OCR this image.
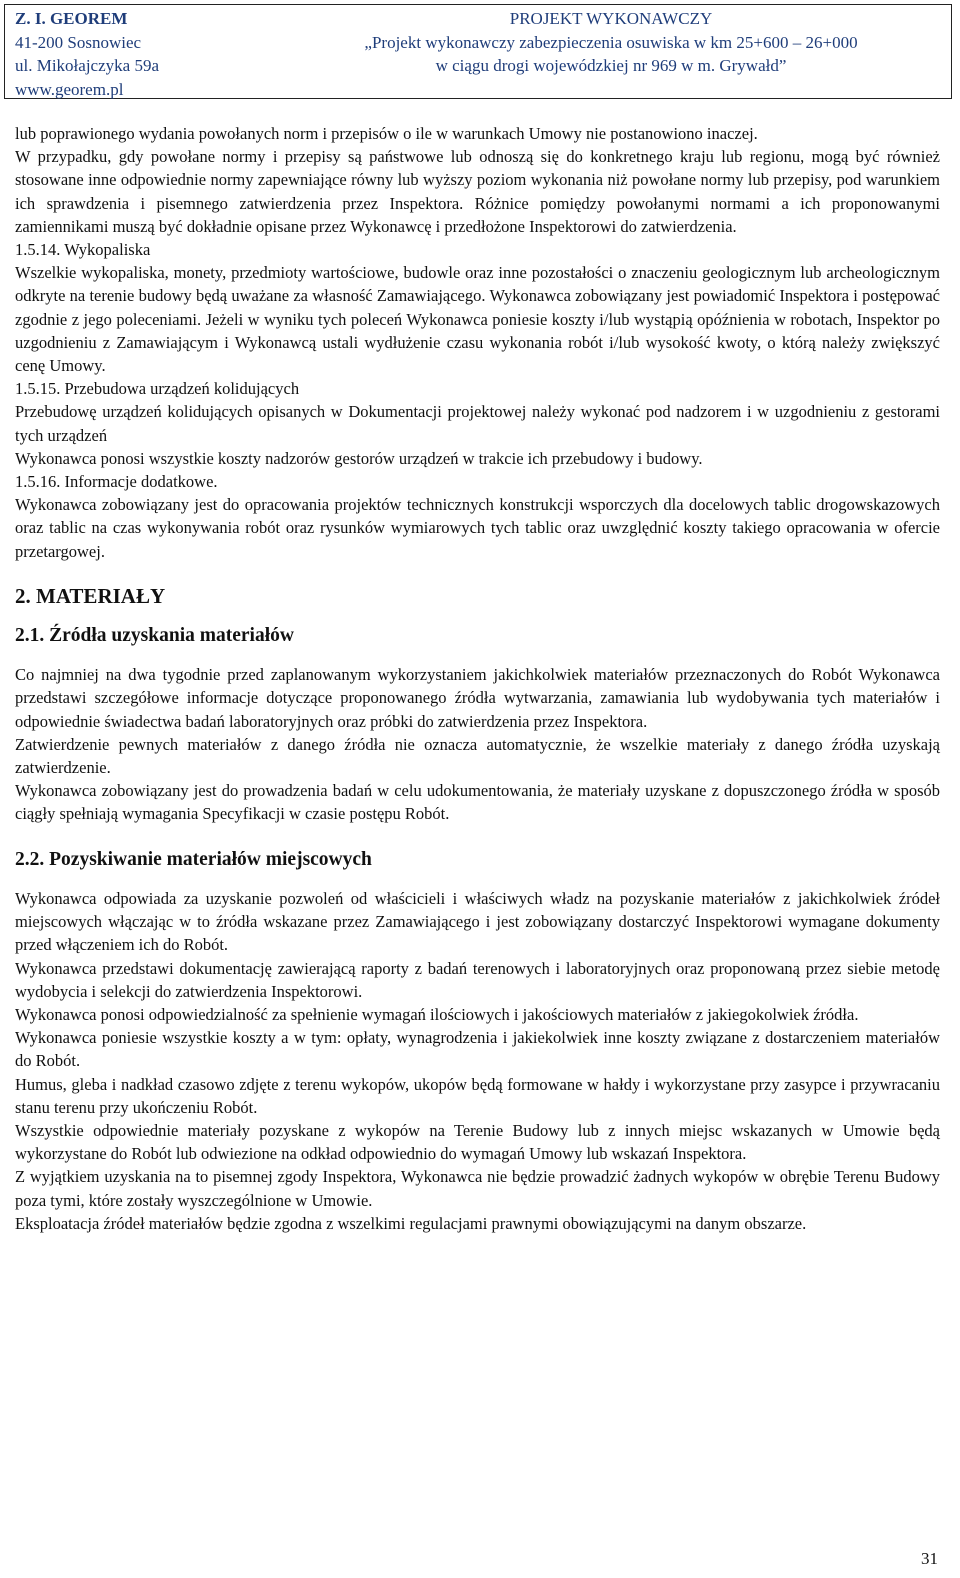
Z. I. GEOREM
41-200 Sosnowiec
ul. Mikołajczyka 59a
www.georem.pl
PROJEKT WYKONAWCZY
„Projekt wykonawczy zabezpieczenia osuwiska w km 25+600 – 26+000
w ciągu drogi wojewódzkiej nr 969 w m. Grywałd”

lub poprawionego wydania powołanych norm i przepisów o ile w warunkach Umowy nie postanowiono inaczej.

W przypadku, gdy powołane normy i przepisy są państwowe lub odnoszą się do konkretnego kraju lub regionu, mogą być również stosowane inne odpowiednie normy zapewniające równy lub wyższy poziom wykonania niż powołane normy lub przepisy, pod warunkiem ich sprawdzenia i pisemnego zatwierdzenia przez Inspektora. Różnice pomiędzy powołanymi normami a ich proponowanymi zamiennikami muszą być dokładnie opisane przez Wykonawcę i przedłożone Inspektorowi do zatwierdzenia.

1.5.14. Wykopaliska

Wszelkie wykopaliska, monety, przedmioty wartościowe, budowle oraz inne pozostałości o znaczeniu geologicznym lub archeologicznym odkryte na terenie budowy będą uważane za własność Zamawiającego. Wykonawca zobowiązany jest powiadomić Inspektora i postępować zgodnie z jego poleceniami. Jeżeli w wyniku tych poleceń Wykonawca poniesie koszty i/lub wystąpią opóźnienia w robotach, Inspektor po uzgodnieniu z Zamawiającym i Wykonawcą ustali wydłużenie czasu wykonania robót i/lub wysokość kwoty, o którą należy zwiększyć cenę Umowy.

1.5.15. Przebudowa urządzeń kolidujących

Przebudowę urządzeń kolidujących opisanych w Dokumentacji projektowej należy wykonać pod nadzorem i w uzgodnieniu z gestorami tych urządzeń

Wykonawca ponosi wszystkie koszty nadzorów gestorów urządzeń w trakcie ich przebudowy i budowy.

1.5.16. Informacje dodatkowe.

Wykonawca zobowiązany jest do opracowania projektów technicznych konstrukcji wsporczych dla docelowych tablic drogowskazowych oraz tablic na czas wykonywania robót oraz rysunków wymiarowych tych tablic oraz uwzględnić koszty takiego opracowania w ofercie przetargowej.

2. MATERIAŁY

2.1. Źródła uzyskania materiałów

Co najmniej na dwa tygodnie przed zaplanowanym wykorzystaniem jakichkolwiek materiałów przeznaczonych do Robót Wykonawca przedstawi szczegółowe informacje dotyczące proponowanego źródła wytwarzania, zamawiania lub wydobywania tych materiałów i odpowiednie świadectwa badań laboratoryjnych oraz próbki do zatwierdzenia przez Inspektora.

Zatwierdzenie pewnych materiałów z danego źródła nie oznacza automatycznie, że wszelkie materiały z danego źródła uzyskają zatwierdzenie.

Wykonawca zobowiązany jest do prowadzenia badań w celu udokumentowania, że materiały uzyskane z dopuszczonego źródła w sposób ciągły spełniają wymagania Specyfikacji w czasie postępu Robót.

2.2. Pozyskiwanie materiałów miejscowych

Wykonawca odpowiada za uzyskanie pozwoleń od właścicieli i właściwych władz na pozyskanie materiałów z jakichkolwiek źródeł miejscowych włączając w to źródła wskazane przez Zamawiającego i jest zobowiązany dostarczyć Inspektorowi wymagane dokumenty przed włączeniem ich do Robót.

Wykonawca przedstawi dokumentację zawierającą raporty z badań terenowych i laboratoryjnych oraz proponowaną przez siebie metodę wydobycia i selekcji do zatwierdzenia Inspektorowi.

Wykonawca ponosi odpowiedzialność za spełnienie wymagań ilościowych i jakościowych materiałów z jakiegokolwiek źródła.

Wykonawca poniesie wszystkie koszty a w tym: opłaty, wynagrodzenia i jakiekolwiek inne koszty związane z dostarczeniem materiałów do Robót.

Humus, gleba i nadkład czasowo zdjęte z terenu wykopów, ukopów będą formowane w hałdy i wykorzystane przy zasypce i przywracaniu stanu terenu przy ukończeniu Robót.

Wszystkie odpowiednie materiały pozyskane z wykopów na Terenie Budowy lub z innych miejsc wskazanych w Umowie będą wykorzystane do Robót lub odwiezione na odkład odpowiednio do wymagań Umowy lub wskazań Inspektora.

Z wyjątkiem uzyskania na to pisemnej zgody Inspektora, Wykonawca nie będzie prowadzić żadnych wykopów w obrębie Terenu Budowy poza tymi, które zostały wyszczególnione w Umowie.

Eksploatacja źródeł materiałów będzie zgodna z wszelkimi regulacjami prawnymi obowiązującymi na danym obszarze.

31
